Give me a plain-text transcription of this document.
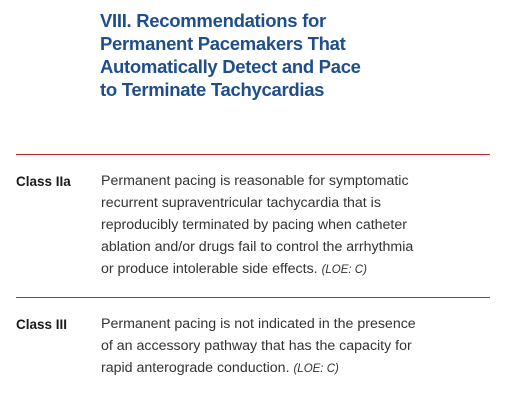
VIII. Recommendations for
Permanent Pacemakers That
Automatically Detect and Pace
to Terminate Tachycardias
Class IIa Permanent pacing is reasonable for symptomatic
recurrent supraventricular tachycardia that is
reproducibly terminated by pacing when catheter
ablation and/or drugs fail to control the arrhythmia
or produce intolerable side effects. (LOE: C)

Class III Permanent pacing is not indicated in the presence
of an accessory pathway that has the capacity for
rapid anterograde conduction. (LOE: C)
